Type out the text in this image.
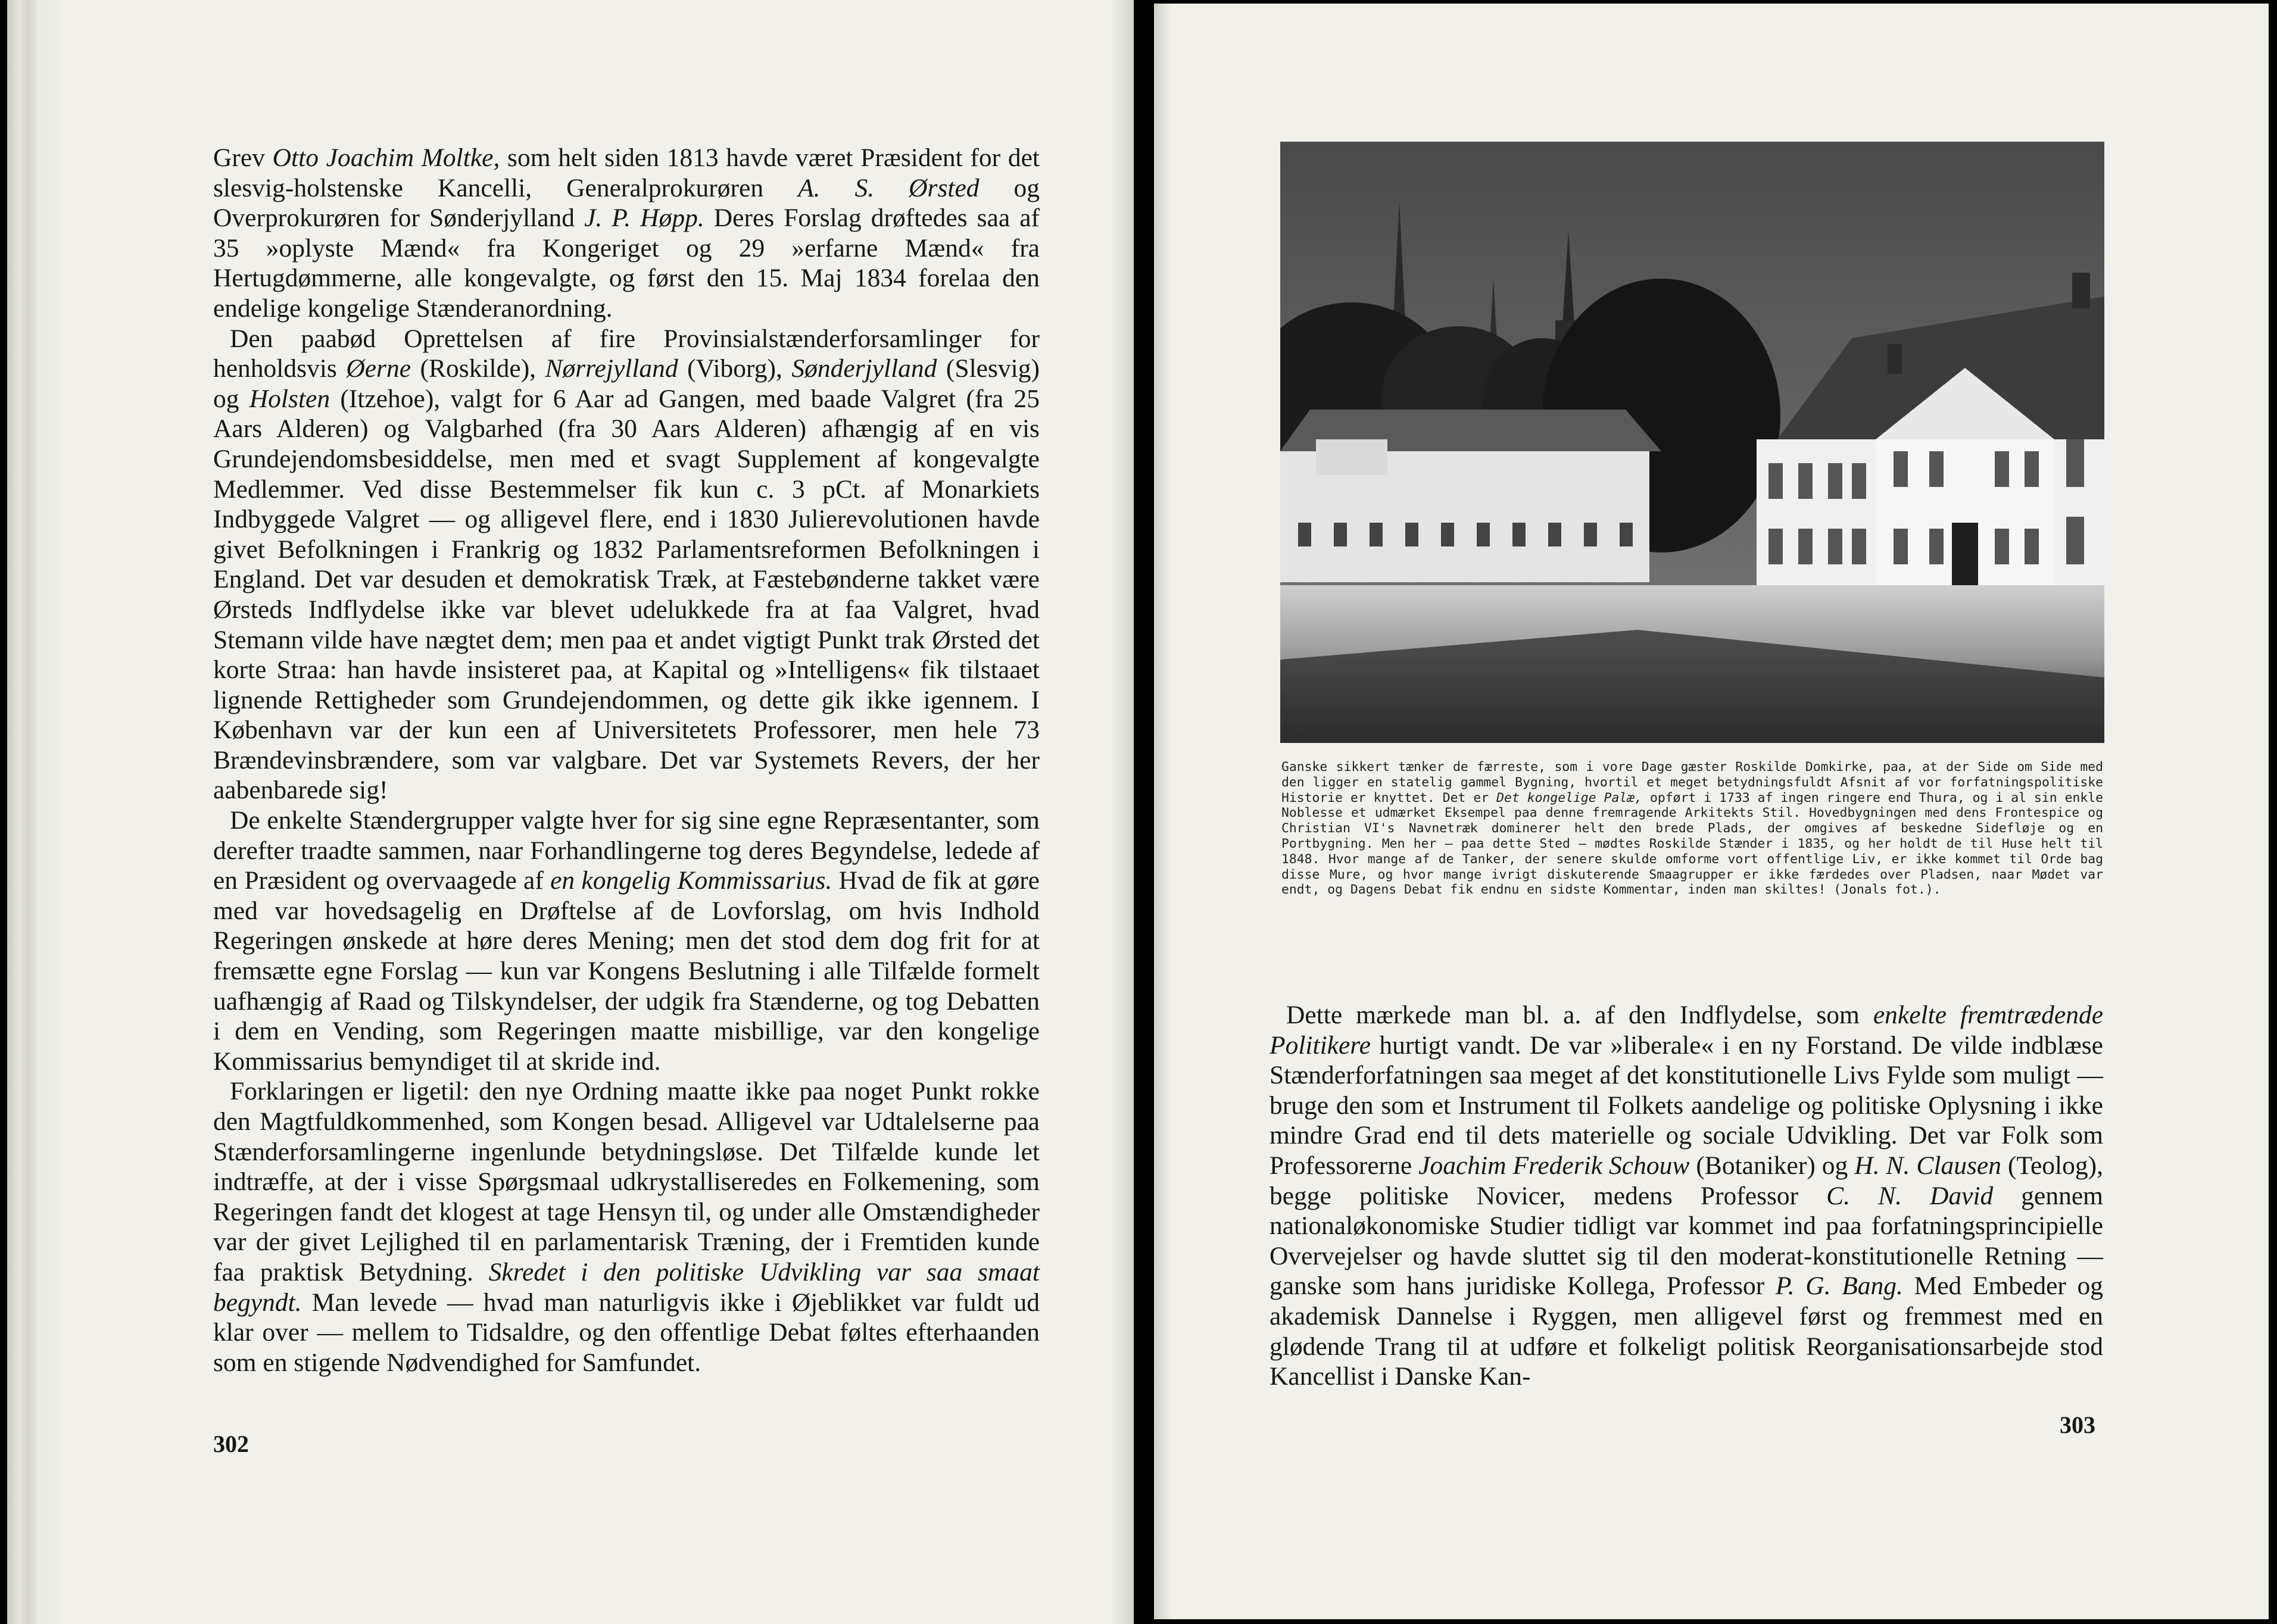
Grev Otto Joachim Moltke, som helt siden 1813 havde været Præsident for det slesvig-holstenske Kancelli, Generalprokurøren A. S. Ørsted og Overprokurøren for Sønderjylland J. P. Høpp. Deres Forslag drøftedes saa af 35 »oplyste Mænd« fra Kongeriget og 29 »erfarne Mænd« fra Hertugdømmerne, alle kongevalgte, og først den 15. Maj 1834 forelaa den endelige kongelige Stænderanordning.

Den paabød Oprettelsen af fire Provinsialstænderforsamlinger for henholdsvis Øerne (Roskilde), Nørrejylland (Viborg), Sønderjylland (Slesvig) og Holsten (Itzehoe), valgt for 6 Aar ad Gangen, med baade Valgret (fra 25 Aars Alderen) og Valgbarhed (fra 30 Aars Alderen) afhængig af en vis Grundejendomsbesiddelse, men med et svagt Supplement af kongevalgte Medlemmer. Ved disse Bestemmelser fik kun c. 3 pCt. af Monarkiets Indbyggede Valgret — og alligevel flere, end i 1830 Julierevolutionen havde givet Befolkningen i Frankrig og 1832 Parlamentsreformen Befolkningen i England. Det var desuden et demokratisk Træk, at Fæstebønderne takket være Ørsteds Indflydelse ikke var blevet udelukkede fra at faa Valgret, hvad Stemann vilde have nægtet dem; men paa et andet vigtigt Punkt trak Ørsted det korte Straa: han havde insisteret paa, at Kapital og »Intelligens« fik tilstaaet lignende Rettigheder som Grundejendommen, og dette gik ikke igennem. I København var der kun een af Universitetets Professorer, men hele 73 Brændevinsbrændere, som var valgbare. Det var Systemets Revers, der her aabenbarede sig!

De enkelte Stændergrupper valgte hver for sig sine egne Repræsentanter, som derefter traadte sammen, naar Forhandlingerne tog deres Begyndelse, ledede af en Præsident og overvaagede af en kongelig Kommissarius. Hvad de fik at gøre med var hovedsagelig en Drøftelse af de Lovforslag, om hvis Indhold Regeringen ønskede at høre deres Mening; men det stod dem dog frit for at fremsætte egne Forslag — kun var Kongens Beslutning i alle Tilfælde formelt uafhængig af Raad og Tilskyndelser, der udgik fra Stænderne, og tog Debatten i dem en Vending, som Regeringen maatte misbillige, var den kongelige Kommissarius bemyndiget til at skride ind.

Forklaringen er ligetil: den nye Ordning maatte ikke paa noget Punkt rokke den Magtfuldkommenhed, som Kongen besad. Alligevel var Udtalelserne paa Stænderforsamlingerne ingenlunde betydningsløse. Det Tilfælde kunde let indtræffe, at der i visse Spørgsmaal udkrystalliseredes en Folkemening, som Regeringen fandt det klogest at tage Hensyn til, og under alle Omstændigheder var der givet Lejlighed til en parlamentarisk Træning, der i Fremtiden kunde faa praktisk Betydning. Skredet i den politiske Udvikling var saa smaat begyndt. Man levede — hvad man naturligvis ikke i Øjeblikket var fuldt ud klar over — mellem to Tidsaldre, og den offentlige Debat føltes efterhaanden som en stigende Nødvendighed for Samfundet.

302
Ganske sikkert tænker de færreste, som i vore Dage gæster Roskilde Domkirke, paa, at der Side om Side med den ligger en statelig gammel Bygning, hvortil et meget betydningsfuldt Afsnit af vor forfatningspolitiske Historie er knyttet. Det er Det kongelige Palæ, opført i 1733 af ingen ringere end Thura, og i al sin enkle Noblesse et udmærket Eksempel paa denne fremragende Arkitekts Stil. Hovedbygningen med dens Frontespice og Christian VI's Navnetræk dominerer helt den brede Plads, der omgives af beskedne Sidefløje og en Portbygning. Men her — paa dette Sted — mødtes Roskilde Stænder i 1835, og her holdt de til Huse helt til 1848. Hvor mange af de Tanker, der senere skulde omforme vort offentlige Liv, er ikke kommet til Orde bag disse Mure, og hvor mange ivrigt diskuterende Smaagrupper er ikke færdedes over Pladsen, naar Mødet var endt, og Dagens Debat fik endnu en sidste Kommentar, inden man skiltes! (Jonals fot.).

Dette mærkede man bl. a. af den Indflydelse, som enkelte fremtrædende Politikere hurtigt vandt. De var »liberale« i en ny Forstand. De vilde indblæse Stænderforfatningen saa meget af det konstitutionelle Livs Fylde som muligt — bruge den som et Instrument til Folkets aandelige og politiske Oplysning i ikke mindre Grad end til dets materielle og sociale Udvikling. Det var Folk som Professorerne Joachim Frederik Schouw (Botaniker) og H. N. Clausen (Teolog), begge politiske Novicer, medens Professor C. N. David gennem nationaløkonomiske Studier tidligt var kommet ind paa forfatningsprincipielle Overvejelser og havde sluttet sig til den moderat-konstitutionelle Retning — ganske som hans juridiske Kollega, Professor P. G. Bang. Med Embeder og akademisk Dannelse i Ryggen, men alligevel først og fremmest med en glødende Trang til at udføre et folkeligt politisk Reorganisationsarbejde stod Kancellist i Danske Kan-

303
